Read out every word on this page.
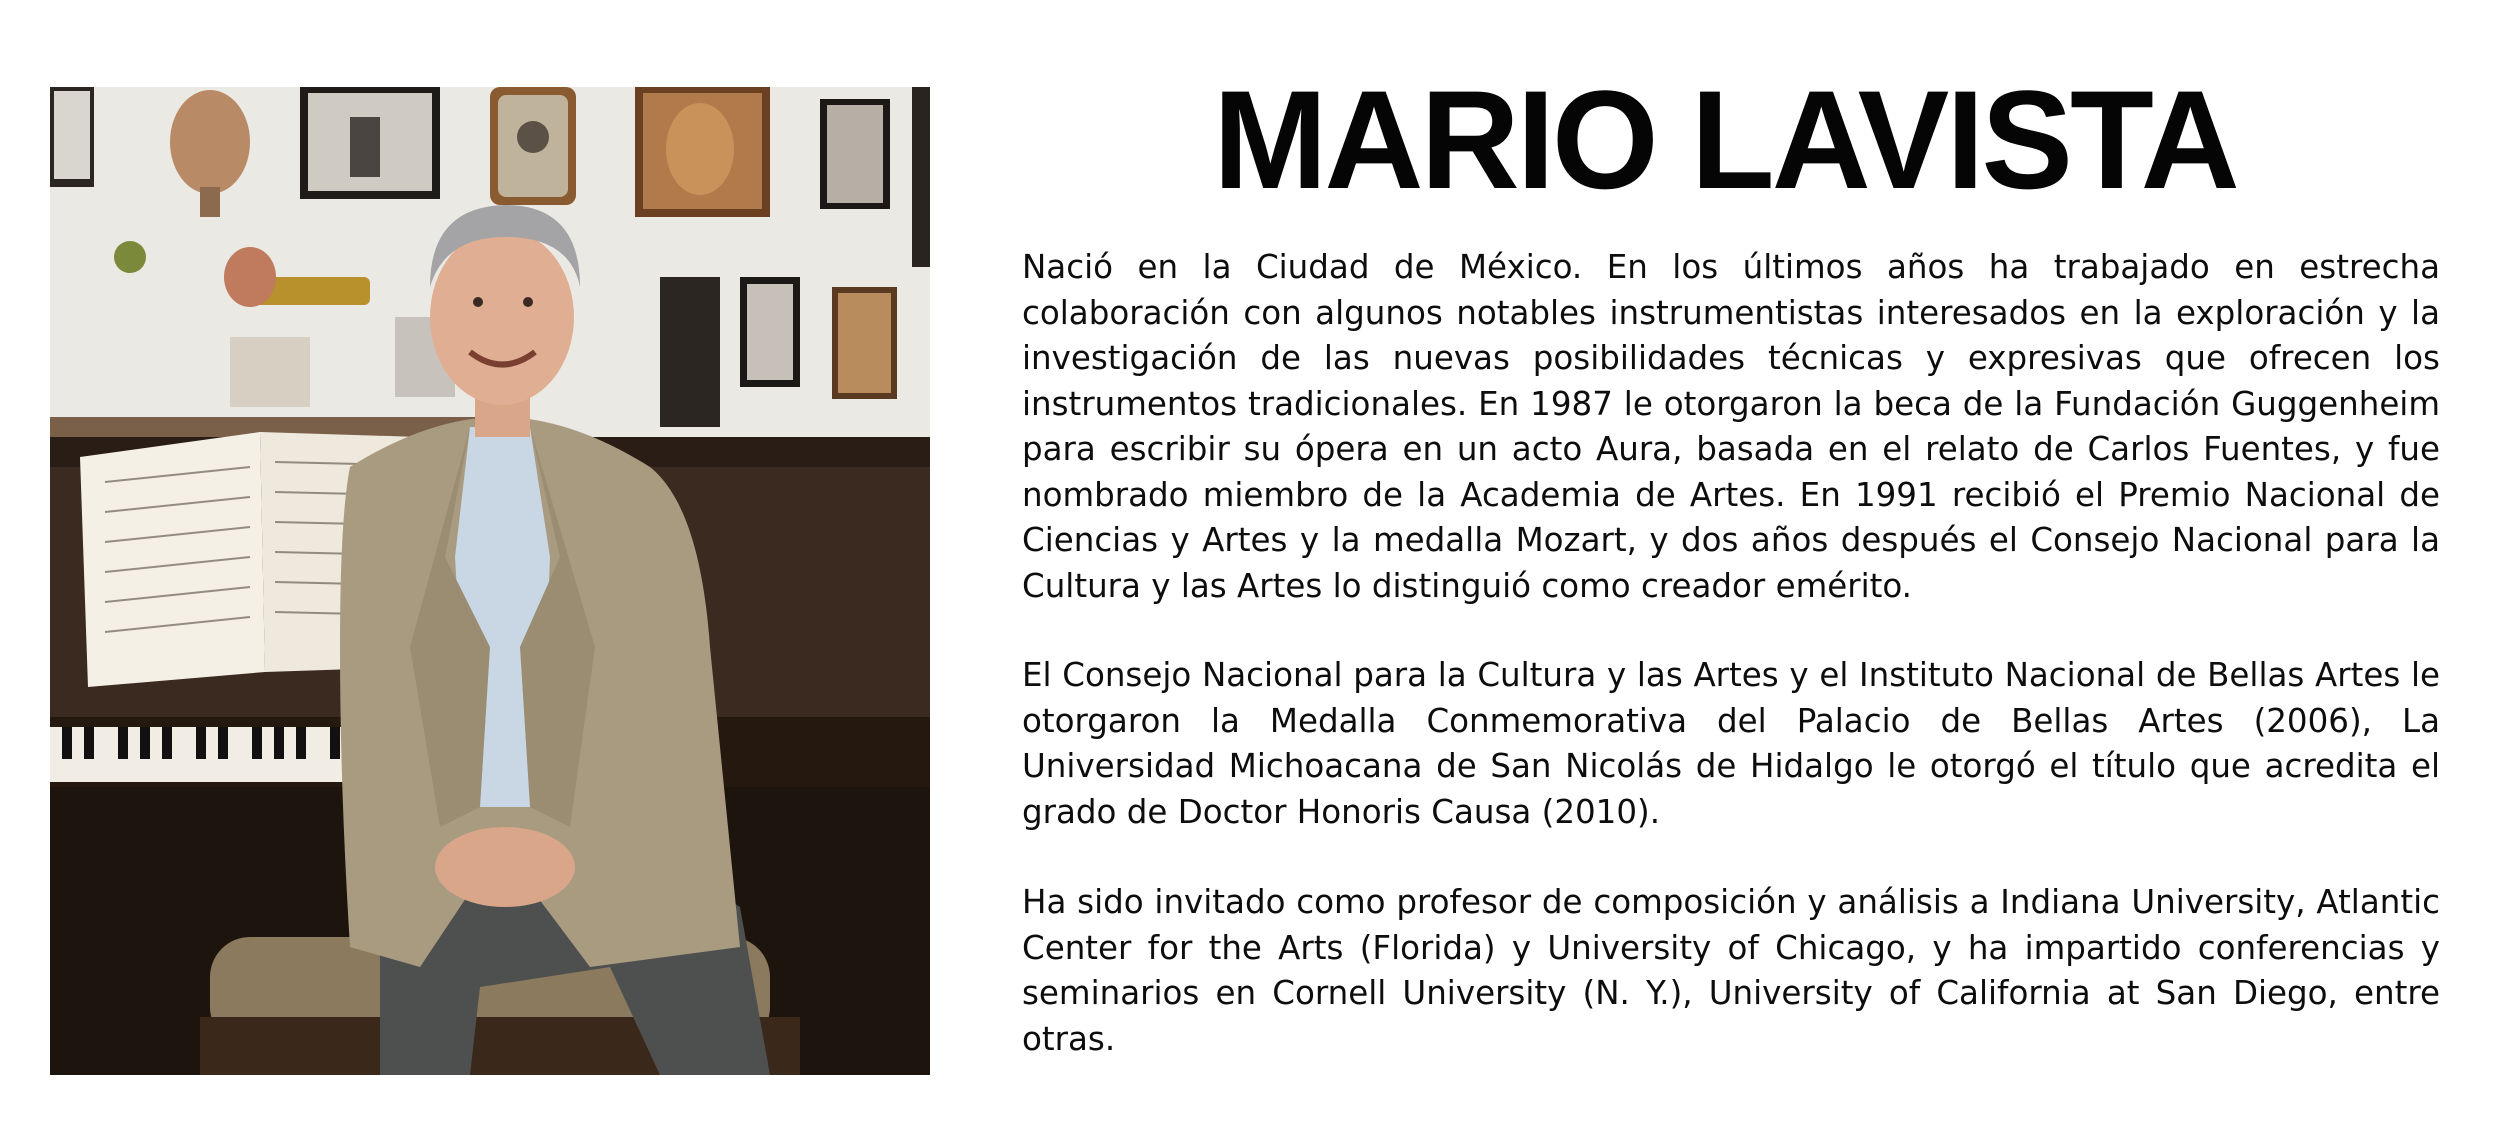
MARIO LAVISTA

Nació en la Ciudad de México. En los últimos años ha trabajado en estrecha colaboración con algunos notables instrumentistas interesados en la exploración y la investigación de las nuevas posibilidades técnicas y expresivas que ofrecen los instrumentos tradicionales. En 1987 le otorgaron la beca de la Fundación Guggenheim para escribir su ópera en un acto Aura, basada en el relato de Carlos Fuentes, y fue nombrado miembro de la Academia de Artes. En 1991 recibió el Premio Nacional de Ciencias y Artes y la medalla Mozart, y dos años después el Consejo Nacional para la Cultura y las Artes lo distinguió como creador emérito.

El Consejo Nacional para la Cultura y las Artes y el Instituto Nacional de Bellas Artes le otorgaron la Medalla Conmemorativa del Palacio de Bellas Artes (2006), La Universidad Michoacana de San Nicolás de Hidalgo le otorgó el título que acredita el grado de Doctor Honoris Causa (2010).

Ha sido invitado como profesor de composición y análisis a Indiana University, Atlantic Center for the Arts (Florida) y University of Chicago, y ha impartido conferencias y seminarios en Cornell University (N. Y.), University of California at San Diego, entre otras.
